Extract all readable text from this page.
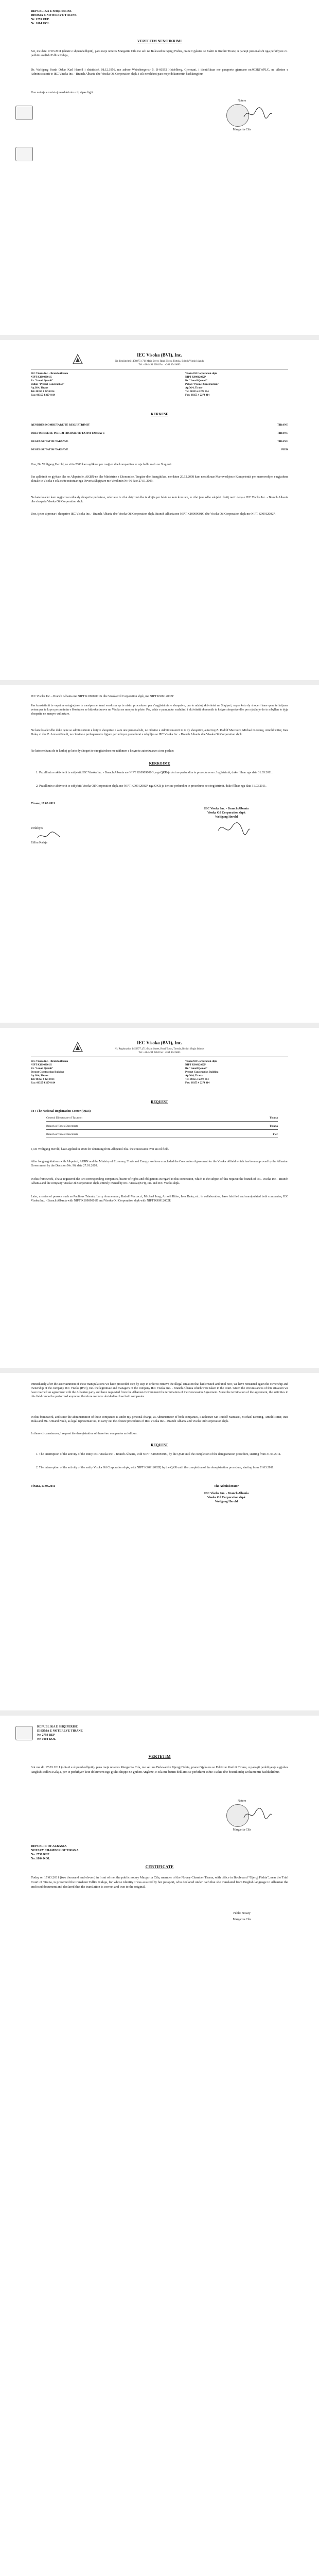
REPUBLIKA E SHQIPERISE
DHOMA E NOTEREVE TIRANE
Nr. 2759 REP.
Nr. 1004 KOL
VERTETIM NENSHKRIMI
Sot, me date 17.03.2011 (shtatë e shpembedhjetë), para meje noteres Margarita Cila me seli ne Bulevardin Gjergj Fishta, prane Gjykates se Faktit te Rrethit Tirane, u paraqit personalisht nga perkthyesi z.i. pedhite anglisht Edlira Kalaja,
Dr. Wolfgang Frank Oskar Karl Herold i shtetësisë, 08.12.1956, me adrese Weinsbergerstr 5, D-60592 Heidelberg, Gjermani, i identifikuar me pasaporte gjermane nr.4O3R1WPLC, ne cilesine e Administratorit te IEC Vinska Inc. - Branch Albania dhe Vinska Oil Corporation shpk, i cili nenshkroi para meje dokumentin bashkengjitur.
Une noterja e vertetoj nenshkrimin e tij sipas ligjit.
Notere
Margarita Cila
IEC Visoka (BVI), Inc.
Nr. Regjistrimi 1456877, (71) Main Street, Road Town, Tortola, British Virgin Islands
Tel: +264 494 2284 Fax: +264 494 6683
IEC Visoka Inc. - Branch Albania
NIPT K10909001G
Rr. "Ismail Qemali"
Pallati "Premet Construction"
Ap.36/4, Tirane
Tel: 00355 4 2274 814
Fax: 00355 4 2274 814
Visoka Oil Corporation shpk
NIPT K90912002P
Rr. "Ismail Qemali"
Pallati "Premet Construction"
Ap.36/4, Tirane
Tel: 00355 4 2274 814
Fax: 00355 4 2274 814
KERKESE
QENDRES KOMBETARE TE REGJISTRIMIT	TIRANE
DREJTORISE SE PERGJITHSHME TE TATIM TAKSAVE	TIRANE
DEGES SE TATIM TAKSAVE	TIRANE
DEGES SE TATIM TAKSAVE	FIER
Une, Dr. Wolfgang Herold, ne vitin 2008 kam aplikuar per ruajtjen dhe kompaniien te reja ludhi melo ne Shqiperi.
Pas aplikimit ne gjykate dhe ne Albpetrole, AKBN-ne dhe Ministrine e Ekonomise, Tregtise dhe Energjitikes, me daten 20.12.2008 kam nenshkruar Marreveshjen e Kompetentit per marreveshjen e ngjashme aktuale te Visoka e cila eshte miratuar nga Qeveria Shqiptare me Vendimin Nr. 96 date 27.01.2009.
Ne kete kuader kam regjistruar edhe dy shoqerite perkatese, referuese te cilat detyrimi dhe te drejta per fakte ne kete kontrate, te cilat jane edhe subjekt i ketij rasti: dega e IEC Visoka Inc. - Branch Albania dhe shoqeria Visoka Oil Corporation shpk.
Une, tjeter si pronar i shoqerive IEC Visoka Inc. - Branch Albania dhe Visoka Oil Corporation shpk. Branch Albania me NIPT K10909001G dhe Visoka Oil Corporation shpk me NIPT K90912002P.
IEC Visoka Inc. - Branch Albania me NIPT K10909001G dhe Visoka Oil Corporation shpk, me NIPT K90912002P
Pas konstatimit te veprimeve/ngjarjeve te mesiperme kemi vendosur qe te nisim proceduren per c'regjistrimin e shoqerive, pra te ndaloj aktivitetet ne Shqiperi, sepse keto dy shoqeri kane qene te krijuara vetem per te kryer perpunimin e Kontrates se hidrokarbureve ne Visoka ne menyre te plote. Pra, eshte e pamundur vazhdimi i aktivitetit ekonomik te ketyre shoqerive dhe per rrjedhoje do te mbyllen te dyja shoqerite ne menyre vullnetare.
Ne kete kuader dhe duke qene se administrimin e ketyre shoqerive e kam une personalisht, ne cilesine e Administratorit te te dy shoqerive, autorizoj Z. Rudolf Marcacci, Michael Keesing, Arnold Ritter, Ines Duka, si dhe Z. Armand Nauli, ne cilesine e perfaqesuesve ligjore per te kryer procedurat e mbylljes se IEC Visoka Inc. - Branch Albania dhe Visoka Oil Corporation shpk.
Ne keto rrethana do te kerkoj qe keto dy shoqeri te c'regjistrohen me ndihmen e ketyre te autorizuarve si me poshte:
KERKOJME
1. Pezullimin e aktivitetit te subjektit IEC Visoka Inc. - Branch Albania me NIPT K10909001G, nga QKR-ja deri ne perfundim te procedures se c'regjistrimit, duke filluar nga data 31.03.2011.
2. Pezullimin e aktivitetit te subjektit Visoka Oil Corporation shpk, me NIPT K90912002P, nga QKR-ja deri ne perfundim te procedures se c'regjistrimit, duke filluar nga data 31.03.2011.
Tirane, 17.03.2011
IEC Visoka Inc. - Branch Albania
Visoka Oil Corporation shpk
Wolfgang Herold
Perkthyes
Edlira Kalaja
IEC Visoka (BVI), Inc.
Nr. Registration 1456877, (71) Main Street, Road Town, Tortola, British Virgin Islands
Tel: +264 494 2284 Fax: +264 494 6683
IEC Visoka Inc. - Branch Albania
NIPT K10909001G
Rr. "Ismail Qemali"
Premet Construction Building
Ap.36/4, Tirana
Tel: 00355 4 2274 814
Fax: 00355 4 2274 814
Visoka Oil Corporation shpk
NIPT K90912002P
Rr. "Ismail Qemali"
Premet Construction Building
Ap.36/4, Tirana
Tel: 00355 4 2274 814
Fax: 00355 4 2274 814
REQUEST
To : The National Registration Center (QKR)
General Directorate of Taxation	Tirana
Branch of Taxes Directorate	Tirana
Branch of Taxes Directorate	Fier
I, Dr. Wolfgang Herold, have applied in 2008 for obtaining from Albpetrol Sha. the concession over an oil field.
After long negotiations with Albpetrol, AKBN and the Ministry of Economy, Trade and Energy, we have concluded the Concession Agreement for the Visoka oilfield which has been approved by the Albanian Government by the Decision No. 96, date 27.01.2009.
In this framework, I have registered the two corresponding companies, bearer of rights and obligations in regard to this concession, which is the subject of this request: the branch of IEC Visoka Inc. - Branch Albania and the company Visoka Oil Corporation shpk, entirely owned by IEC Visoka (BVI), Inc. and IEC Visoka shpk.
Later, a series of persons such as Paulinus Tsiamis, Larry Ammenman, Rudolf Marcacci, Michael Jung, Arnold Ritter, Ines Duka, etc. in collaboration, have falsified and manipulated both companies, IEC Visoka Inc. - Branch Albania with NIPT K10909001G and Visoka Oil Corporation shpk with NIPT K90912002P.
Immediately after the ascertainment of these manipulations we have proceeded step by step in order to remove the illegal situation that had created and until now, we have reinstated again the ownership and ownership of the company IEC Visoka (BVI), Inc. the legitimate and managers of the company IEC Visoka Inc. - Branch Albania which were taken in the court. Given the circumstances of this situation we have reached an agreement with the Albanian party and have requested from the Albanian Government the termination of the Concession Agreement. Since the termination of the agreement, the activities in this field cannot be performed anymore, therefore we have decided to close both companies.
In this framework, and since the administration of these companies is under my personal charge, as Administrator of both companies, I authorize Mr. Rudolf Marcacci, Michael Keesing, Arnold Ritter, Ines Duka and Mr. Armand Nauli, as legal representatives, to carry out the closure procedures of IEC Visoka Inc. - Branch Albania and Visoka Oil Corporation shpk.
In these circumstances, I request the deregistration of these two companies as follows:
REQUEST
1. The interruption of the activity of the entity IEC Visoka Inc. - Branch Albania, with NIPT K10909001G, by the QKR until the completion of the deregistration procedure, starting from 31.03.2011.
2. The interruption of the activity of the entity Visoka Oil Corporation shpk, with NIPT K90912002P, by the QKR until the completion of the deregistration procedure, starting from 31.03.2011.
Tirana, 17.03.2011	The Administrator
IEC Visoka Inc. - Branch Albania
Visoka Oil Corporation shpk
Wolfgang Herold
REPUBLIKA E SHQIPERISE
DHOMA E NOTEREVE TIRANE
Nr. 2759 REP
Nr. 1004 KOL
VERTETIM
Sot me dt. 17.03.2011 (shtatë e shpembedhjetë), para meje noteres Margarita Cila, me seli ne Bulevardin Gjergj Fishta, prane Gjykates se Faktit te Rrethit Tirane, u paraqit perkthyesja e gjuhes Anglisht Edlira Kalaja, per te perkthyer kete dokument nga gjuha shqipe ne gjuhen Angleze, e cila me betim deklaroi se perkthimi eshte i sakte dhe besnik ndaj Dokumentit bashkelidhur.
Notere
Margarita Cila
REPUBLIC OF ALBANIA
NOTARY CHAMBER OF TIRANA
No. 2759 REP
No. 1004 KOL
CERTIFICATE
Today on 17.03.2011 (two thousand and eleven) in front of me, the public notary Margarita Cila, member of the Notary Chamber Tirana, with office in Boulevard "Gjergj Fishta", near the Trial Court of Tirana, is presented the translator Edlira Kalaja, for whose identity I was assured by her passport, who declared under oath that she translated from English language in Albanian the enclosed document and declared that the translation is correct and true to the original.
Public Notary
Margarita Cila
